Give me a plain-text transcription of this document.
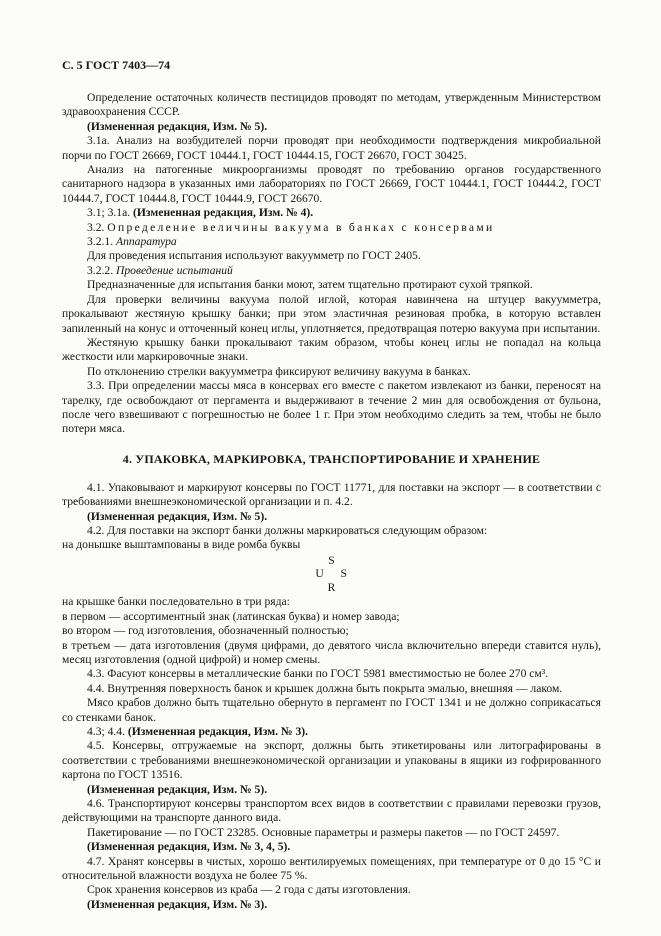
С. 5 ГОСТ 7403—74

Определение остаточных количеств пестицидов проводят по методам, утвержденным Министерством здравоохранения СССР.

(Измененная редакция, Изм. № 5).

3.1а. Анализ на возбудителей порчи проводят при необходимости подтверждения микробиальной порчи по ГОСТ 26669, ГОСТ 10444.1, ГОСТ 10444.15, ГОСТ 26670, ГОСТ 30425.

Анализ на патогенные микроорганизмы проводят по требованию органов государственного санитарного надзора в указанных ими лабораториях по ГОСТ 26669, ГОСТ 10444.1, ГОСТ 10444.2, ГОСТ 10444.7, ГОСТ 10444.8, ГОСТ 10444.9, ГОСТ 26670.

3.1; 3.1а. (Измененная редакция, Изм. № 4).

3.2. Определение величины вакуума в банках с консервами

3.2.1. Аппаратура

Для проведения испытания используют вакуумметр по ГОСТ 2405.

3.2.2. Проведение испытаний

Предназначенные для испытания банки моют, затем тщательно протирают сухой тряпкой.

Для проверки величины вакуума полой иглой, которая навинчена на штуцер вакуумметра, прокалывают жестяную крышку банки; при этом эластичная резиновая пробка, в которую вставлен запиленный на конус и отточенный конец иглы, уплотняется, предотвращая потерю вакуума при испытании.

Жестяную крышку банки прокалывают таким образом, чтобы конец иглы не попадал на кольца жесткости или маркировочные знаки.

По отклонению стрелки вакуумметра фиксируют величину вакуума в банках.

3.3. При определении массы мяса в консервах его вместе с пакетом извлекают из банки, переносят на тарелку, где освобождают от пергамента и выдерживают в течение 2 мин для освобождения от бульона, после чего взвешивают с погрешностью не более 1 г. При этом необходимо следить за тем, чтобы не было потери мяса.

4. УПАКОВКА, МАРКИРОВКА, ТРАНСПОРТИРОВАНИЕ И ХРАНЕНИЕ

4.1. Упаковывают и маркируют консервы по ГОСТ 11771, для поставки на экспорт — в соответствии с требованиями внешнеэкономической организации и п. 4.2.

(Измененная редакция, Изм. № 5).

4.2. Для поставки на экспорт банки должны маркироваться следующим образом:

на донышке выштампованы в виде ромба буквы

S
U S
R

на крышке банки последовательно в три ряда:

в первом — ассортиментный знак (латинская буква) и номер завода;

во втором — год изготовления, обозначенный полностью;

в третьем — дата изготовления (двумя цифрами, до девятого числа включительно впереди ставится нуль), месяц изготовления (одной цифрой) и номер смены.

4.3. Фасуют консервы в металлические банки по ГОСТ 5981 вместимостью не более 270 см³.

4.4. Внутренняя поверхность банок и крышек должна быть покрыта эмалью, внешняя — лаком.

Мясо крабов должно быть тщательно обернуто в пергамент по ГОСТ 1341 и не должно соприкасаться со стенками банок.

4.3; 4.4. (Измененная редакция, Изм. № 3).

4.5. Консервы, отгружаемые на экспорт, должны быть этикетированы или литографированы в соответствии с требованиями внешнеэкономической организации и упакованы в ящики из гофрированного картона по ГОСТ 13516.

(Измененная редакция, Изм. № 5).

4.6. Транспортируют консервы транспортом всех видов в соответствии с правилами перевозки грузов, действующими на транспорте данного вида.

Пакетирование — по ГОСТ 23285. Основные параметры и размеры пакетов — по ГОСТ 24597.

(Измененная редакция, Изм. № 3, 4, 5).

4.7. Хранят консервы в чистых, хорошо вентилируемых помещениях, при температуре от 0 до 15 °С и относительной влажности воздуха не более 75 %.

Срок хранения консервов из краба — 2 года с даты изготовления.

(Измененная редакция, Изм. № 3).
